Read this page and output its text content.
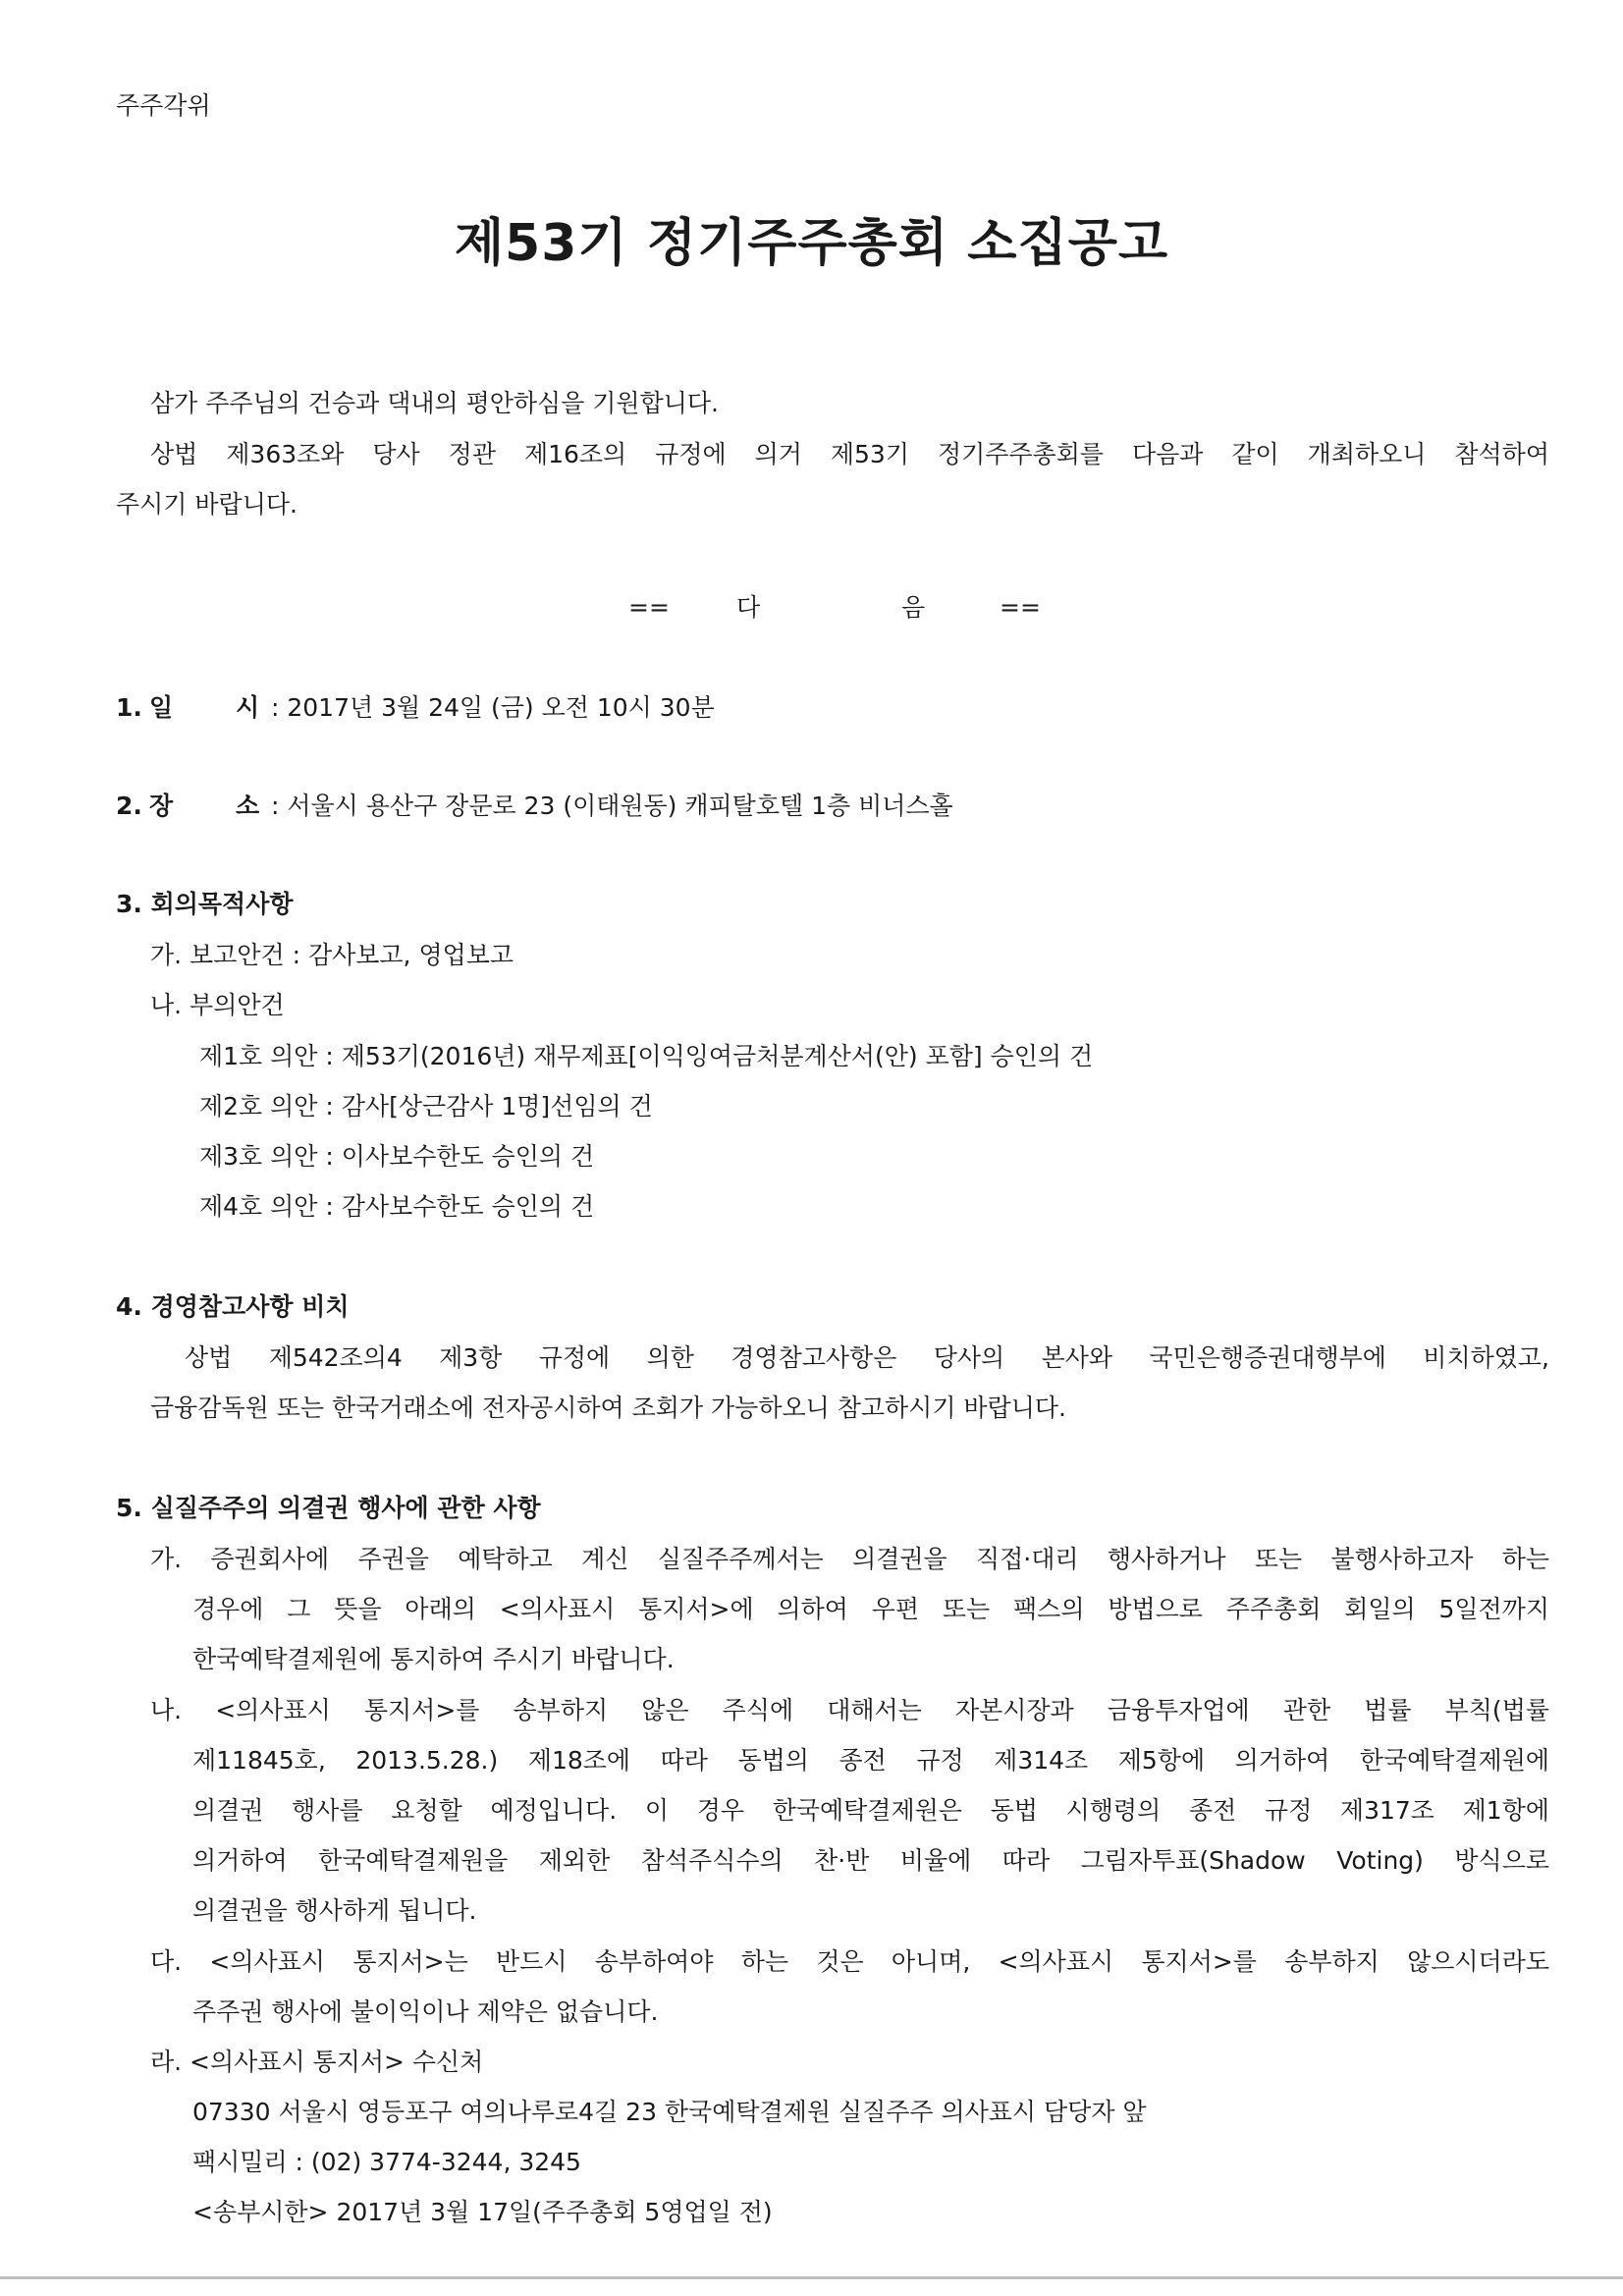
주주각위
제53기 정기주주총회 소집공고
삼가 주주님의 건승과 댁내의 평안하심을 기원합니다.
상법 제363조와 당사 정관 제16조의 규정에 의거 제53기 정기주주총회를 다음과 같이 개최하오니 참석하여
주시기 바랍니다.
==	다	음	==
1. 일	시 : 2017년 3월 24일 (금) 오전 10시 30분
2. 장	소 : 서울시 용산구 장문로 23 (이태원동) 캐피탈호텔 1층 비너스홀
3. 회의목적사항
가. 보고안건 : 감사보고, 영업보고
나. 부의안건
제1호 의안 : 제53기(2016년) 재무제표[이익잉여금처분계산서(안) 포함] 승인의 건
제2호 의안 : 감사[상근감사 1명]선임의 건
제3호 의안 : 이사보수한도 승인의 건
제4호 의안 : 감사보수한도 승인의 건
4. 경영참고사항 비치
상법 제542조의4 제3항 규정에 의한 경영참고사항은 당사의 본사와 국민은행증권대행부에 비치하였고,
금융감독원 또는 한국거래소에 전자공시하여 조회가 가능하오니 참고하시기 바랍니다.
5. 실질주주의 의결권 행사에 관한 사항
가. 증권회사에 주권을 예탁하고 계신 실질주주께서는 의결권을 직접·대리 행사하거나 또는 불행사하고자 하는
경우에 그 뜻을 아래의 <의사표시 통지서>에 의하여 우편 또는 팩스의 방법으로 주주총회 회일의 5일전까지
한국예탁결제원에 통지하여 주시기 바랍니다.
나. <의사표시 통지서>를 송부하지 않은 주식에 대해서는 자본시장과 금융투자업에 관한 법률 부칙(법률
제11845호, 2013.5.28.) 제18조에 따라 동법의 종전 규정 제314조 제5항에 의거하여 한국예탁결제원에
의결권 행사를 요청할 예정입니다. 이 경우 한국예탁결제원은 동법 시행령의 종전 규정 제317조 제1항에
의거하여 한국예탁결제원을 제외한 참석주식수의 찬·반 비율에 따라 그림자투표(Shadow Voting) 방식으로
의결권을 행사하게 됩니다.
다. <의사표시 통지서>는 반드시 송부하여야 하는 것은 아니며, <의사표시 통지서>를 송부하지 않으시더라도
주주권 행사에 불이익이나 제약은 없습니다.
라. <의사표시 통지서> 수신처
07330 서울시 영등포구 여의나루로4길 23 한국예탁결제원 실질주주 의사표시 담당자 앞
팩시밀리 : (02) 3774-3244, 3245
<송부시한> 2017년 3월 17일(주주총회 5영업일 전)
